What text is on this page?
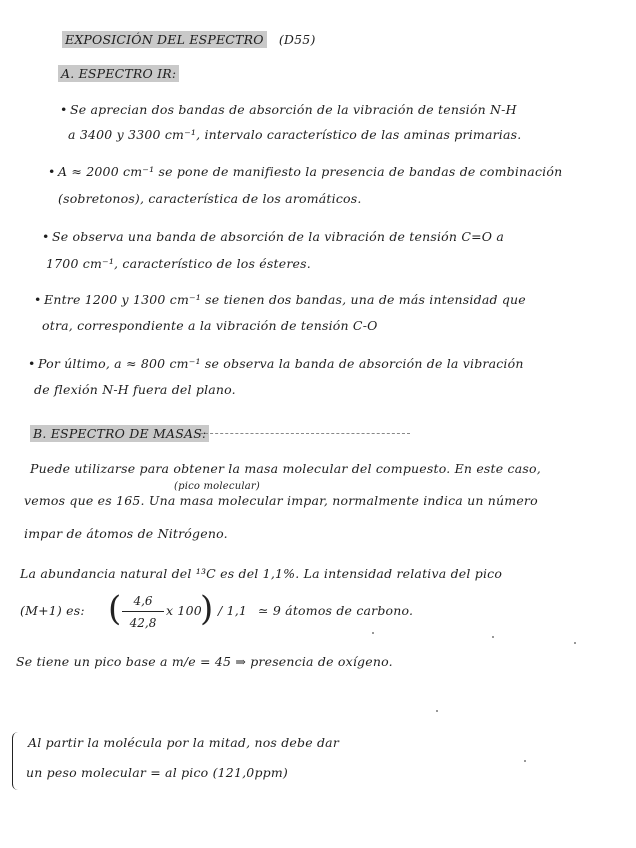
EXPOSICIÓN DEL ESPECTRO (D55)
A. ESPECTRO IR:
• Se aprecian dos bandas de absorción de la vibración de tensión N-H
a 3400 y 3300 cm⁻¹, intervalo característico de las aminas primarias.
• A ≈ 2000 cm⁻¹ se pone de manifiesto la presencia de bandas de combinación
(sobretonos), característica de los aromáticos.
• Se observa una banda de absorción de la vibración de tensión C=O a
1700 cm⁻¹, característico de los ésteres.
• Entre 1200 y 1300 cm⁻¹ se tienen dos bandas, una de más intensidad que
otra, correspondiente a la vibración de tensión C-O
• Por último, a ≈ 800 cm⁻¹ se observa la banda de absorción de la vibración
de flexión N-H fuera del plano.
B. ESPECTRO DE MASAS:
Puede utilizarse para obtener la masa molecular del compuesto. En este caso,
(pico molecular)
vemos que es 165. Una masa molecular impar, normalmente indica un número
impar de átomos de Nitrógeno.
La abundancia natural del ¹³C es del 1,1%. La intensidad relativa del pico
(M+1) es: (	4,6
42,8
x 100
) / 1,1 ≃ 9 átomos de carbono.
Se tiene un pico base a m/e = 45 ⇒ presencia de oxígeno.
Al partir la molécula por la mitad, nos debe dar
un peso molecular = al pico (121,0ppm)
